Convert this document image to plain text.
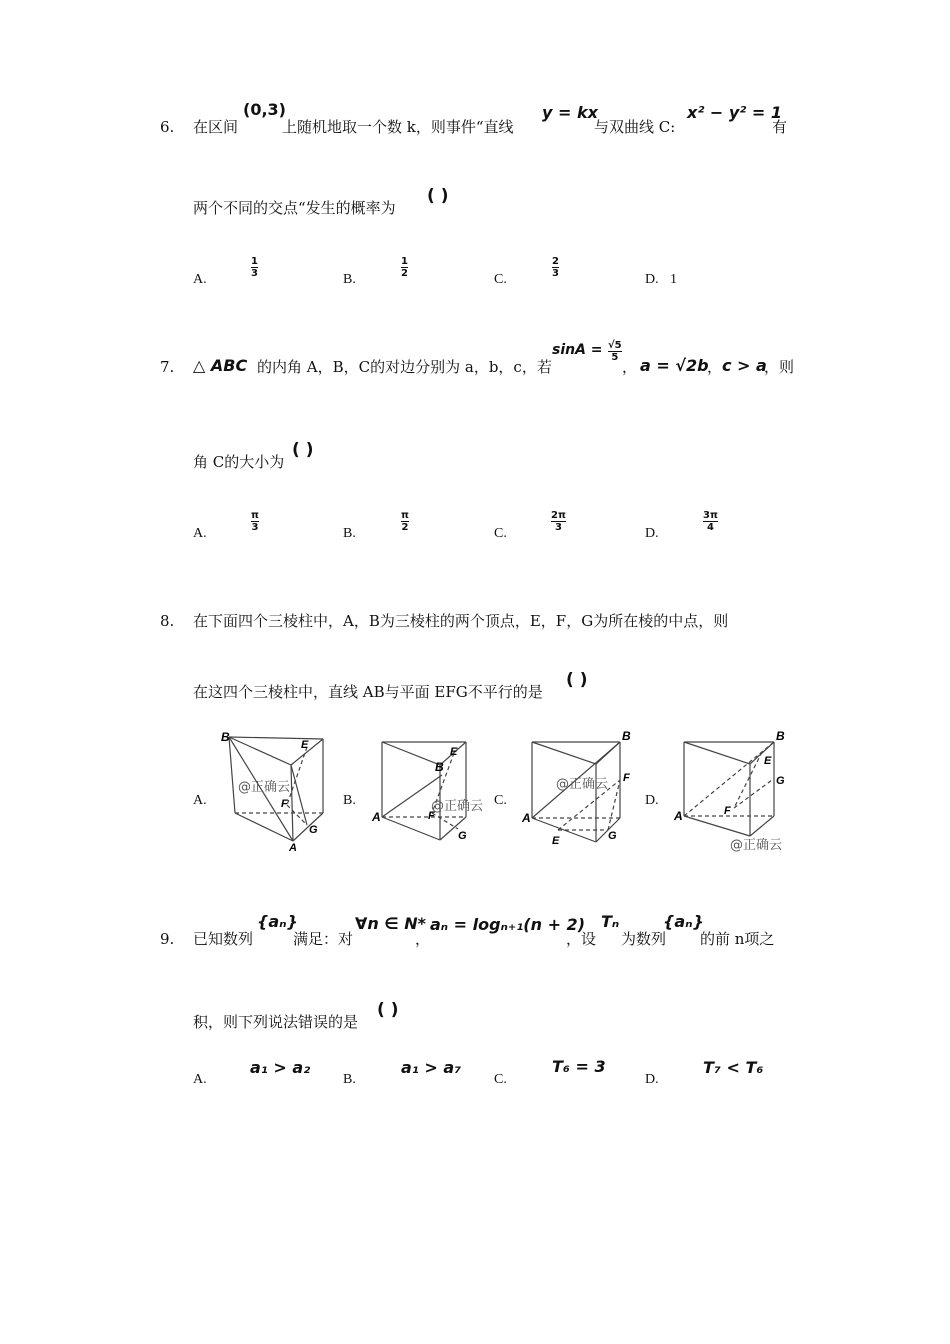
6. 在区间
(0,3)
上随机地取一个数 k，则事件“直线
y = kx
与双曲线 C:
x² − y² = 1
有
两个不同的交点“发生的概率为
( )
A.
1
3	B.
1
2	C.
2
3	D. 1
7. △ ABC 的内角 A，B，C的对边分别为 a，b，c，若
sinA = √5
5
， a = √2b
， c > a
，则
角 C的大小为
( )
A.
π
3	B.
π
2	C.
2π
3	D.
3π
4
8. 在下面四个三棱柱中，A，B为三棱柱的两个顶点，E，F，G为所在棱的中点，则
在这四个三棱柱中，直线 AB与平面 EFG不平行的是
( )
A.
B
E
F
G
A
@正确云
B.
E
B
F
G
A
@正确云 C.
B
F
G
E
A
@正确云
D.
B
E
G
F
A
@正确云
9. 已知数列
{aₙ}
满足：对
∀n ∈ N*
，
aₙ = logₙ₊₁(n + 2)
，设
Tₙ
为数列
{aₙ}
的前 n项之
积，则下列说法错误的是
( )
A.
a₁ > a₂
B.
a₁ > a₇
C.
T₆ = 3
D.
T₇ < T₆
